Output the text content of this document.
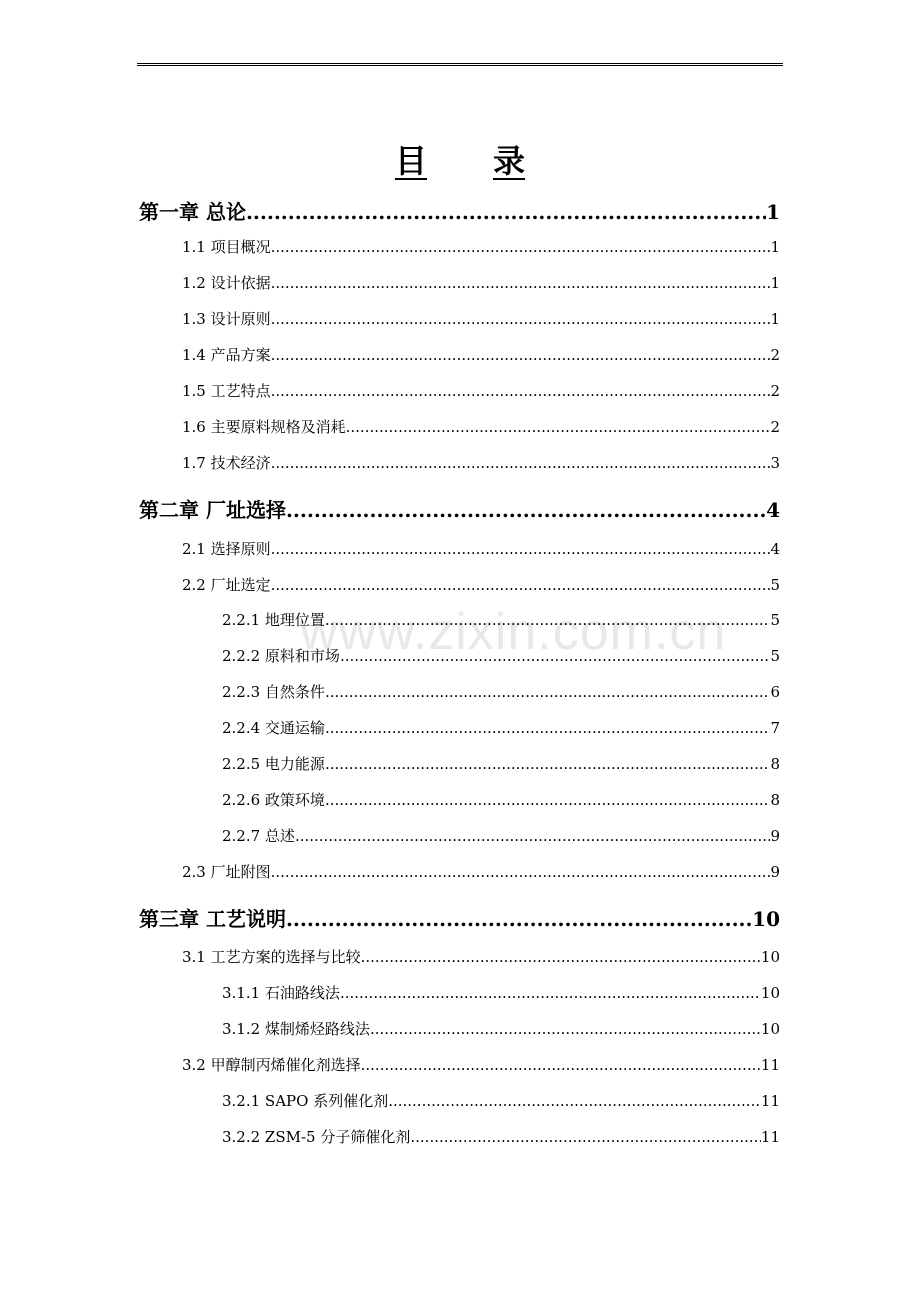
目 录
www.zixin.com.cn
第一章 总论 .....	1
1.1 项目概况 .....	1
1.2 设计依据 .....	1
1.3 设计原则 .....	1
1.4 产品方案 .....	2
1.5 工艺特点 .....	2
1.6 主要原料规格及消耗 .....	2
1.7 技术经济 .....	3
第二章 厂址选择 .....	4
2.1 选择原则 .....	4
2.2 厂址选定 .....	5
2.2.1 地理位置 .....	5
2.2.2 原料和市场 .....	5
2.2.3 自然条件 .....	6
2.2.4 交通运输 .....	7
2.2.5 电力能源 .....	8
2.2.6 政策环境 .....	8
2.2.7 总述 .....	9
2.3 厂址附图 .....	9
第三章 工艺说明 .....	10
3.1 工艺方案的选择与比较 .....	10
3.1.1 石油路线法 .....	10
3.1.2 煤制烯烃路线法 .....	10
3.2 甲醇制丙烯催化剂选择 .....	11
3.2.1 SAPO 系列催化剂 .....	11
3.2.2 ZSM-5 分子筛催化剂 .....	11
